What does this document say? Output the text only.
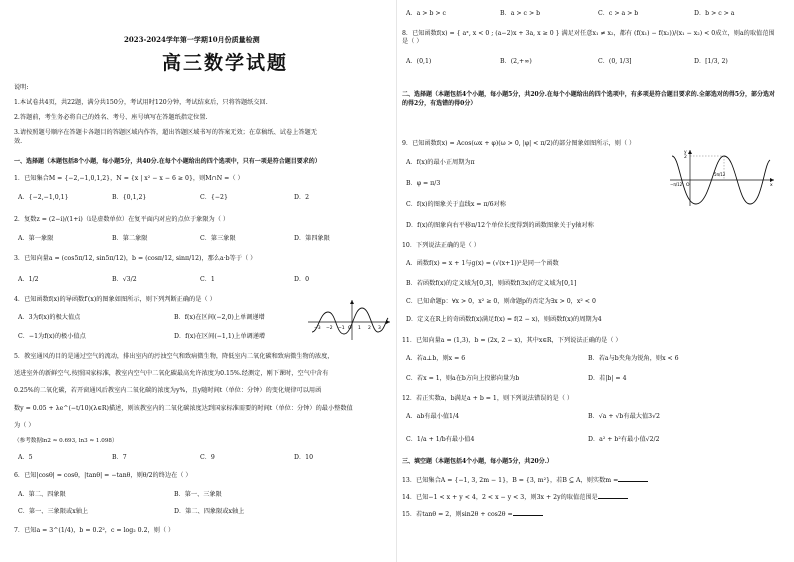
2023-2024学年第一学期10月份质量检测
高三数学试题
说明:
1.本试卷共4页，共22题，满分共150分，考试用时120分钟，考试结束后，只将答题纸交回.
2.答题前，考生务必将自己的姓名、考号、座号填写在答题纸指定位置.
3.请按照题号顺序在答题卡各题目的答题区域内作答，超出答题区域书写的答案无效；在草稿纸、试卷上答题无
效.
一、选择题（本题包括8个小题，每小题5分，共40分.在每个小题给出的四个选项中，只有一项是符合题目要求的）
1．已知集合M = {−2,−1,0,1,2}，N = {x | x² − x − 6 ≥ 0}，则M∩N =（ ）
A．{−2,−1,0,1}	B．{0,1,2}	C．{−2}	D．2
2．复数z = (2−i)/(1+i)（i是虚数单位）在复平面内对应的点位于象限为（ ）
A．第一象限	B．第二象限	C．第三象限	D．第四象限
3．已知向量a = (cos5π/12, sin5π/12)，b = (cosπ/12, sinπ/12)，那么a·b等于（ ）
A．1/2	B．√3/2	C．1	D．0
4．已知函数f(x)的导函数f′(x)的图象如图所示，则下列判断正确的是（ ）
A．3为f(x)的极大值点	B．f(x)在区间(−2,0)上单调递增
C．−1为f(x)的极小值点	D．f(x)在区间(−1,1)上单调递增
−3 −2 −1 O 1 2 3
5．教室通风的目的是通过空气的流动，排出室内的污浊空气和致病微生物，降低室内二氧化碳和致病微生物的浓度，
送进室外的新鲜空气.按照国家标准，教室内空气中二氧化碳最高允许浓度为0.15%.经测定，刚下课时，空气中含有
0.25%的二氧化碳，若开窗通风后教室内二氧化碳的浓度为y%，且y随时间t（单位：分钟）的变化规律可以用函
数y = 0.05 + λe^(−t/10)(λ∈R)描述，则该教室内的二氧化碳浓度达到国家标准需要的时间t（单位：分钟）的最小整数值
为（ ）
（参考数据ln2 ≈ 0.693, ln3 ≈ 1.098）
A．5	B．7	C．9	D．10
6．已知|cosθ| = cosθ，|tanθ| = −tanθ，则θ/2的终边在（ ）
A．第二、四象限	B．第一、三象限
C．第一、三象限或x轴上	D．第二、四象限或x轴上
7．已知a = 3^(1/4)，b = 0.2²，c = log₂ 0.2，则（ ）
A．a > b > c	B．a > c > b	C．c > a > b	D．b > c > a
8．已知函数f(x) = { aˣ, x < 0 ; (a−2)x + 3a, x ≥ 0 } 满足对任意x₁ ≠ x₂，都有 (f(x₁) − f(x₂))/(x₁ − x₂) < 0成立，则a的取值范围是（ ）
A．(0,1)	B．(2,+∞)	C．(0, 1/3]	D．[1/3, 2)
二、选择题（本题包括4个小题，每小题5分，共20分.在每个小题给出的四个选项中，有多项是符合题目要求的.全部选对的得5分，部分选对的得2分，有选错的得0分）
9．已知函数f(x) = Acos(ωx + φ)(ω > 0, |φ| < π/2)的部分图象如图所示，则（ ）
A．f(x)的最小正周期为π
B．φ = π/3
C．f(x)的图象关于直线x = π/6对称
D．f(x)的图象向右平移π/12个单位长度得到的函数图象关于y轴对称
y
2
O
5π/12
x
−π/12
10．下列说法正确的是（ ）
A．函数f(x) = x + 1与g(x) = (√(x+1))²是同一个函数
B．若函数f(x)的定义域为[0,3]，则函数f(3x)的定义域为[0,1]
C．已知命题p：∀x > 0，x² ≥ 0，则命题p的否定为∃x > 0，x² < 0
D．定义在R上的奇函数f(x)满足f(x) = f(2 − x)，则函数f(x)的周期为4
11．已知向量a = (1,3)，b = (2x, 2 − x)，其中x∈R，下列说法正确的是（ ）
A．若a⊥b，则x = 6	B．若a与b夹角为锐角，则x < 6
C．若x = 1，则a在b方向上投影向量为b	D．若|b| = 4
12．若正实数a，b满足a + b = 1，则下列说法错误的是（ ）
A．ab有最小值1/4	B．√a + √b有最大值3√2
C．1/a + 1/b有最小值4	D．a² + b²有最小值√2/2
三、填空题（本题包括4个小题，每小题5分，共20分.）
13．已知集合A = {−1, 3, 2m − 1}，B = {3, m²}，若B ⊆ A，则实数m =
14．已知−1 < x + y < 4，2 < x − y < 3，则3x + 2y的取值范围是
15．若tanθ = 2，则sin2θ + cos2θ =
